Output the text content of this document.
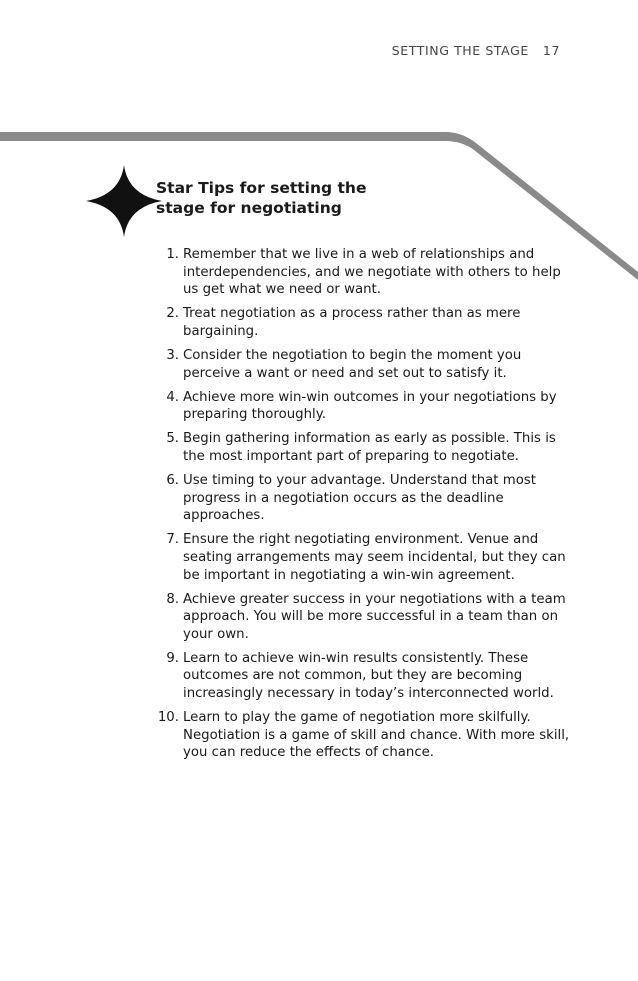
SETTING THE STAGE 17
Star Tips for setting the
stage for negotiating
1. Remember that we live in a web of relationships and interdependencies, and we negotiate with others to help us get what we need or want.
2. Treat negotiation as a process rather than as mere bargaining.
3. Consider the negotiation to begin the moment you perceive a want or need and set out to satisfy it.
4. Achieve more win-win outcomes in your negotiations by preparing thoroughly.
5. Begin gathering information as early as possible. This is the most important part of preparing to negotiate.
6. Use timing to your advantage. Understand that most progress in a negotiation occurs as the deadline approaches.
7. Ensure the right negotiating environment. Venue and seating arrangements may seem incidental, but they can be important in negotiating a win-win agreement.
8. Achieve greater success in your negotiations with a team approach. You will be more successful in a team than on your own.
9. Learn to achieve win-win results consistently. These outcomes are not common, but they are becoming increasingly necessary in today’s interconnected world.
10. Learn to play the game of negotiation more skilfully. Negotiation is a game of skill and chance. With more skill, you can reduce the effects of chance.
